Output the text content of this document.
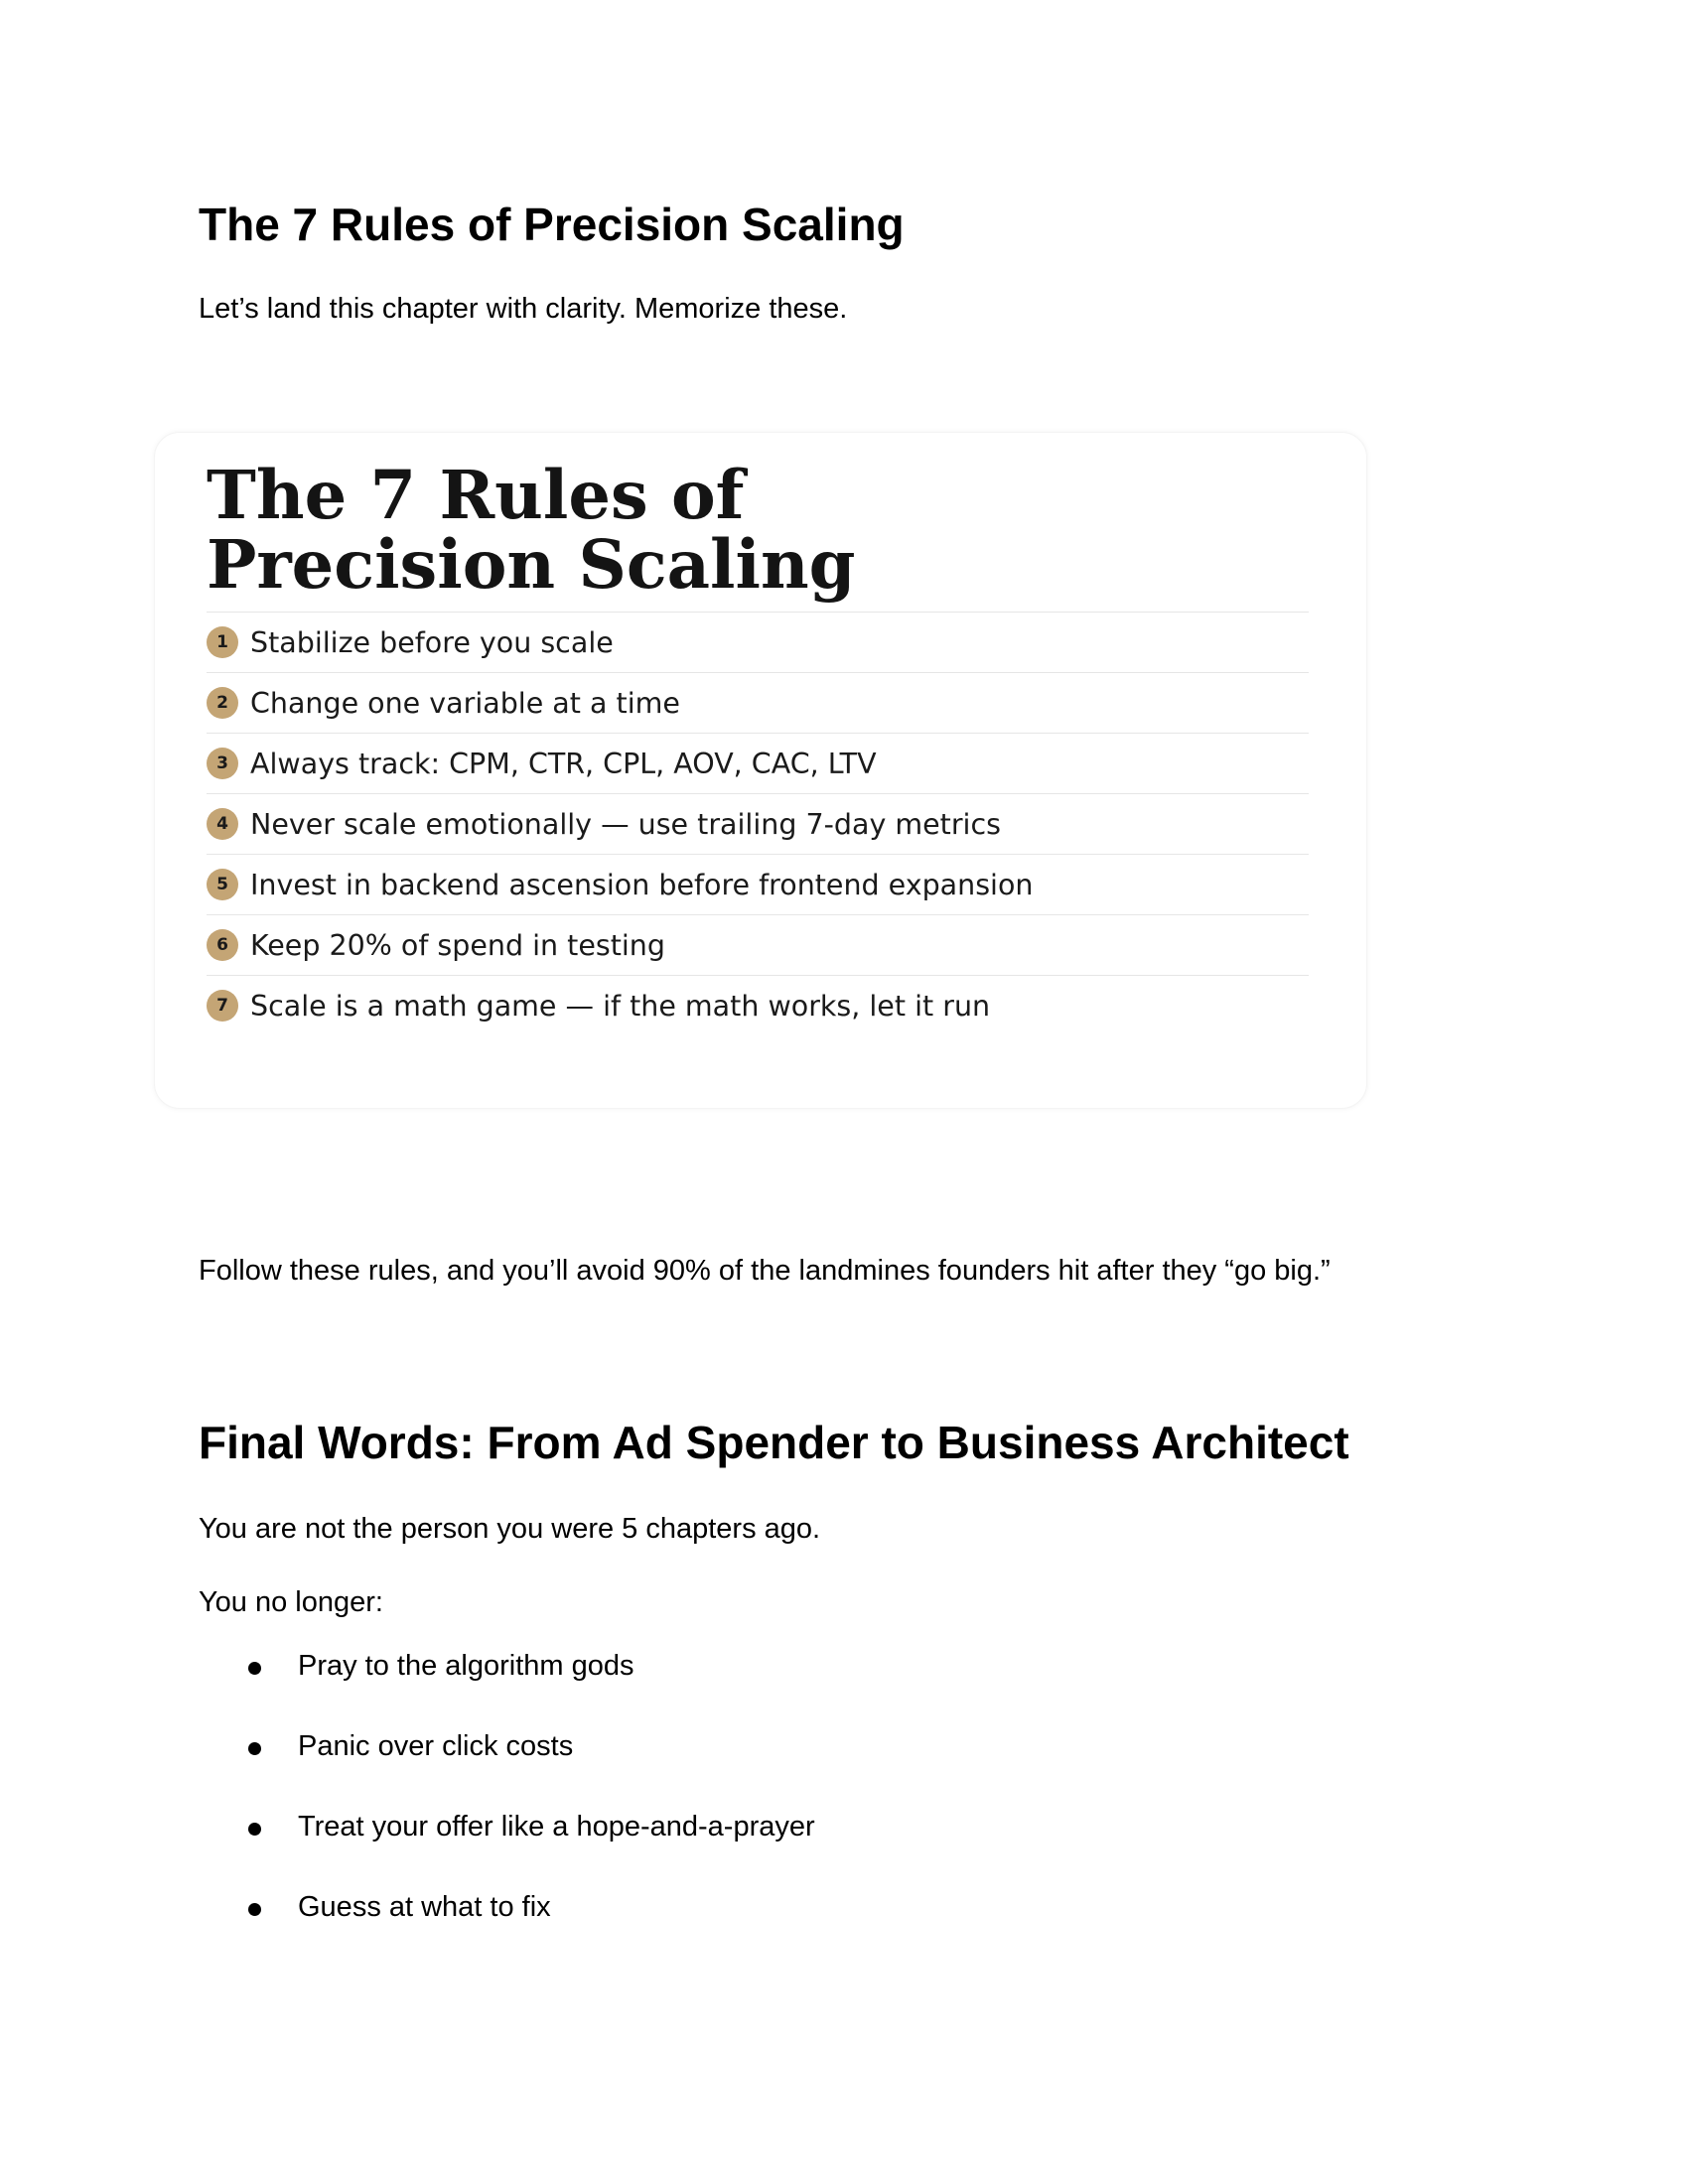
The 7 Rules of Precision Scaling

Let’s land this chapter with clarity. Memorize these.

The 7 Rules of
Precision Scaling
1 Stabilize before you scale
2 Change one variable at a time
3 Always track: CPM, CTR, CPL, AOV, CAC, LTV
4 Never scale emotionally — use trailing 7-day metrics
5 Invest in backend ascension before frontend expansion
6 Keep 20% of spend in testing
7 Scale is a math game — if the math works, let it run

Follow these rules, and you’ll avoid 90% of the landmines founders hit after they “go big.”

Final Words: From Ad Spender to Business Architect

You are not the person you were 5 chapters ago.

You no longer:

Pray to the algorithm gods
Panic over click costs
Treat your offer like a hope-and-a-prayer
Guess at what to fix
